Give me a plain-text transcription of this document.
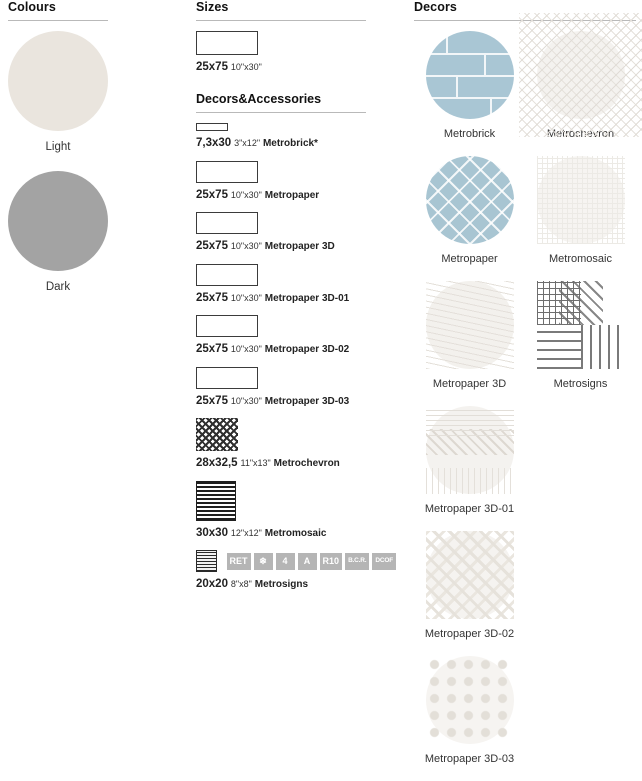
Colours
Light
Dark
Sizes
25x75 10"x30"
Decors&Accessories
7,3x30 3"x12" Metrobrick*
25x75 10"x30" Metropaper
25x75 10"x30" Metropaper 3D
25x75 10"x30" Metropaper 3D-01
25x75 10"x30" Metropaper 3D-02
25x75 10"x30" Metropaper 3D-03
28x32,5 11"x13" Metrochevron
30x30 12"x12" Metromosaic
RET	❄	4	A	R10	B.C.R.	DCOF
20x20 8"x8" Metrosigns
Decors
Metrobrick
Metropaper	Metromosaic
Metropaper 3D	Metrosigns
Metropaper 3D-01
Metropaper 3D-02
Metropaper 3D-03
